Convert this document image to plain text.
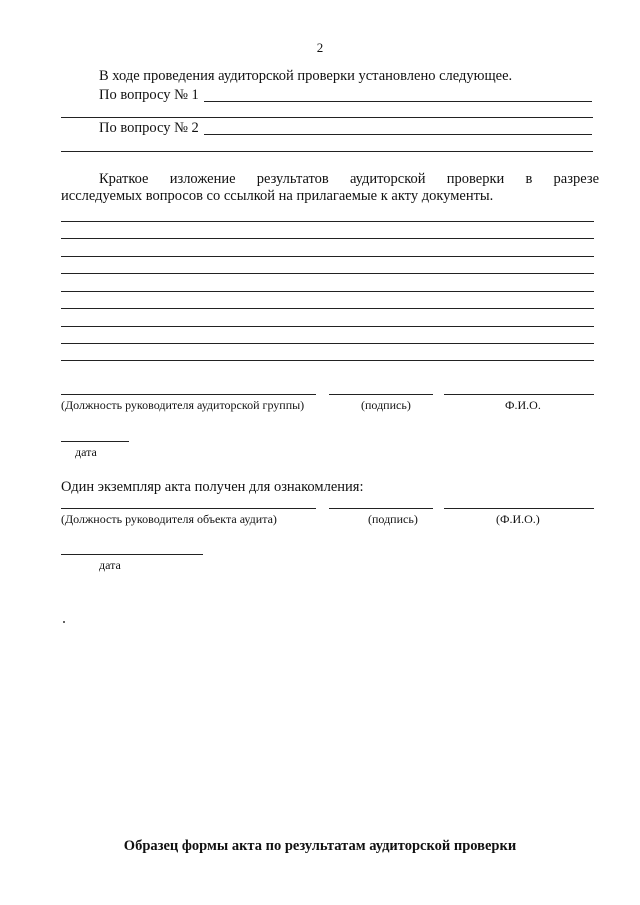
2
В ходе проведения аудиторской проверки установлено следующее.
По вопросу № 1
По вопросу № 2
Краткое изложение результатов аудиторской проверки в разрезе
исследуемых вопросов со ссылкой на прилагаемые к акту документы.
(Должность руководителя аудиторской группы)	(подпись)	Ф.И.О.
дата
Один экземпляр акта получен для ознакомления:
(Должность руководителя объекта аудита)	(подпись)	(Ф.И.О.)
дата
Образец формы акта по результатам аудиторской проверки
